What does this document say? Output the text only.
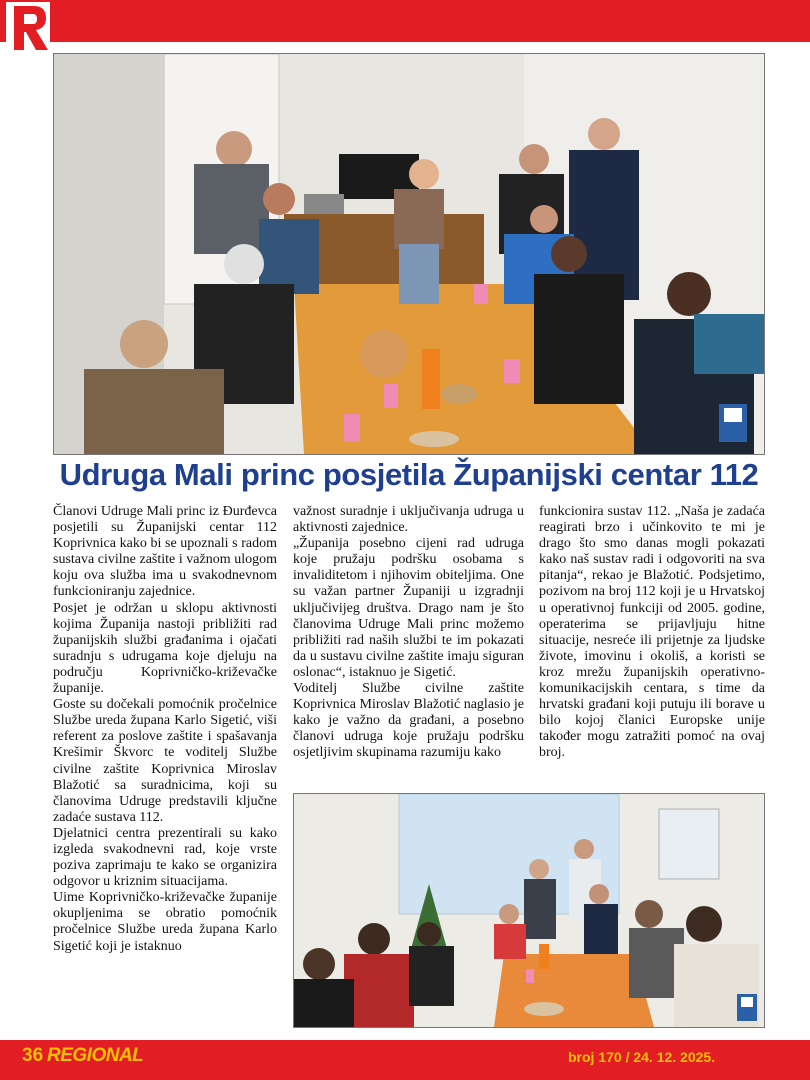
Udruga Mali princ posjetila Županijski centar 112

Članovi Udruge Mali princ iz Đurđevca posjetili su Županijski centar 112 Koprivnica kako bi se upoznali s radom sustava civilne zaštite i važnom ulogom koju ova služba ima u svakodnevnom funkcioniranju zajednice.

Posjet je održan u sklopu aktivnosti kojima Županija nastoji približiti rad županijskih službi građanima i ojačati suradnju s udrugama koje djeluju na području Koprivničko-križevačke županije.

Goste su dočekali pomoćnik pročelnice Službe ureda župana Karlo Sigetić, viši referent za poslove zaštite i spašavanja Krešimir Škvorc te voditelj Službe civilne zaštite Koprivnica Miroslav Blažotić sa suradnicima, koji su članovima Udruge predstavili ključne zadaće sustava 112.

Djelatnici centra prezentirali su kako izgleda svakodnevni rad, koje vrste poziva zaprimaju te kako se organizira odgovor u kriznim situacijama.

Uime Koprivničko-križevačke županije okupljenima se obratio pomoćnik pročelnice Službe ureda župana Karlo Sigetić koji je istaknuo

važnost suradnje i uključivanja udruga u aktivnosti zajednice.

„Županija posebno cijeni rad udruga koje pružaju podršku osobama s invaliditetom i njihovim obiteljima. One su važan partner Županiji u izgradnji uključivijeg društva. Drago nam je što članovima Udruge Mali princ možemo približiti rad naših službi te im pokazati da u sustavu civilne zaštite imaju siguran oslonac“, istaknuo je Sigetić.

Voditelj Službe civilne zaštite Koprivnica Miroslav Blažotić naglasio je kako je važno da građani, a posebno članovi udruga koje pružaju podršku osjetljivim skupinama razumiju kako

funkcionira sustav 112. „Naša je zadaća reagirati brzo i učinkovito te mi je drago što smo danas mogli pokazati kako naš sustav radi i odgovoriti na sva pitanja“, rekao je Blažotić. Podsjetimo, pozivom na broj 112 koji je u Hrvatskoj u operativnoj funkciji od 2005. godine, operaterima se prijavljuju hitne situacije, nesreće ili prijetnje za ljudske živote, imovinu i okoliš, a koristi se kroz mrežu županijskih operativno-komunikacijskih centara, s time da hrvatski građani koji putuju ili borave u bilo kojoj članici Europske unije također mogu zatražiti pomoć na ovaj broj.

36 REGIONAL	broj 170 / 24. 12. 2025.
